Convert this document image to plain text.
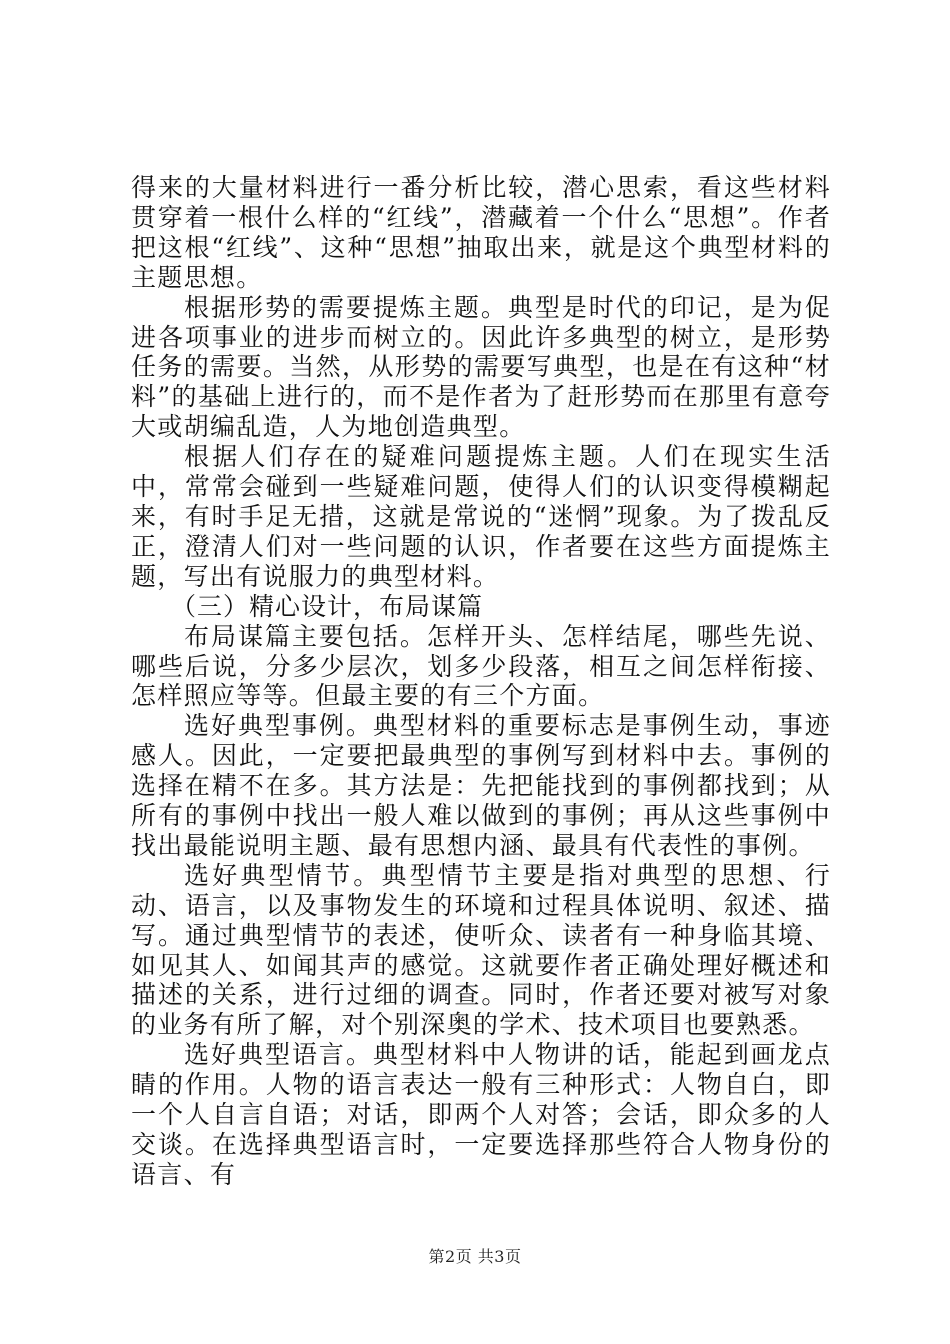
得来的大量材料进行一番分析比较，潜心思索，看这些材料贯穿着一根什么样的“红线”，潜藏着一个什么“思想”。作者把这根“红线”、这种“思想”抽取出来，就是这个典型材料的主题思想。

根据形势的需要提炼主题。典型是时代的印记，是为促进各项事业的进步而树立的。因此许多典型的树立，是形势任务的需要。当然，从形势的需要写典型，也是在有这种“材料”的基础上进行的，而不是作者为了赶形势而在那里有意夸大或胡编乱造，人为地创造典型。

根据人们存在的疑难问题提炼主题。人们在现实生活中，常常会碰到一些疑难问题，使得人们的认识变得模糊起来，有时手足无措，这就是常说的“迷惘”现象。为了拨乱反正，澄清人们对一些问题的认识，作者要在这些方面提炼主题，写出有说服力的典型材料。

（三）精心设计，布局谋篇

布局谋篇主要包括。怎样开头、怎样结尾，哪些先说、哪些后说，分多少层次，划多少段落，相互之间怎样衔接、怎样照应等等。但最主要的有三个方面。

选好典型事例。典型材料的重要标志是事例生动，事迹感人。因此，一定要把最典型的事例写到材料中去。事例的选择在精不在多。其方法是：先把能找到的事例都找到；从所有的事例中找出一般人难以做到的事例；再从这些事例中找出最能说明主题、最有思想内涵、最具有代表性的事例。

选好典型情节。典型情节主要是指对典型的思想、行动、语言，以及事物发生的环境和过程具体说明、叙述、描写。通过典型情节的表述，使听众、读者有一种身临其境、如见其人、如闻其声的感觉。这就要作者正确处理好概述和描述的关系，进行过细的调查。同时，作者还要对被写对象的业务有所了解，对个别深奥的学术、技术项目也要熟悉。

选好典型语言。典型材料中人物讲的话，能起到画龙点睛的作用。人物的语言表达一般有三种形式：人物自白，即一个人自言自语；对话，即两个人对答；会话，即众多的人交谈。在选择典型语言时，一定要选择那些符合人物身份的语言、有

第2页 共3页
